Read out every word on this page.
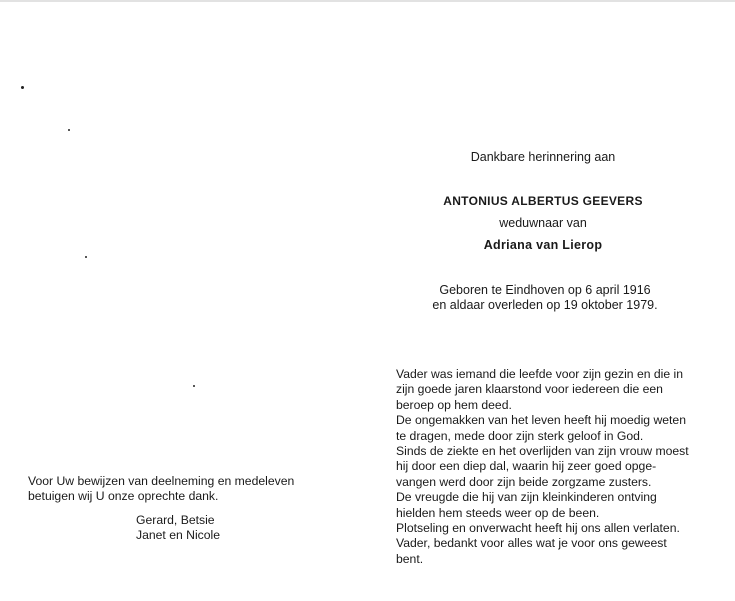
Dankbare herinnering aan
ANTONIUS ALBERTUS GEEVERS
weduwnaar van
Adriana van Lierop
Geboren te Eindhoven op 6 april 1916
en aldaar overleden op 19 oktober 1979.
Vader was iemand die leefde voor zijn gezin en die in
zijn goede jaren klaarstond voor iedereen die een
beroep op hem deed.
De ongemakken van het leven heeft hij moedig weten
te dragen, mede door zijn sterk geloof in God.
Sinds de ziekte en het overlijden van zijn vrouw moest
hij door een diep dal, waarin hij zeer goed opge-
vangen werd door zijn beide zorgzame zusters.
De vreugde die hij van zijn kleinkinderen ontving
hielden hem steeds weer op de been.
Plotseling en onverwacht heeft hij ons allen verlaten.
Vader, bedankt voor alles wat je voor ons geweest
bent.
Voor Uw bewijzen van deelneming en medeleven
betuigen wij U onze oprechte dank.
Gerard, Betsie
Janet en Nicole
